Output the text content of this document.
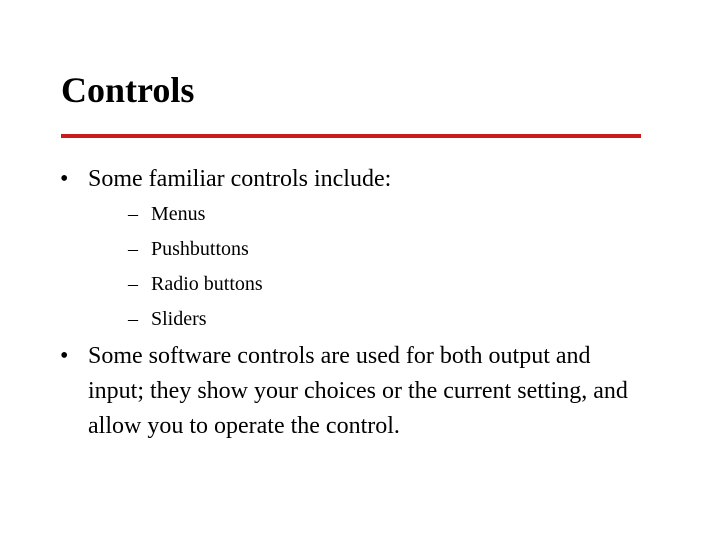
Controls
• Some familiar controls include:
– Menus
– Pushbuttons
– Radio buttons
– Sliders
• Some software controls are used for both output and input; they show your choices or the current setting, and allow you to operate the control.
